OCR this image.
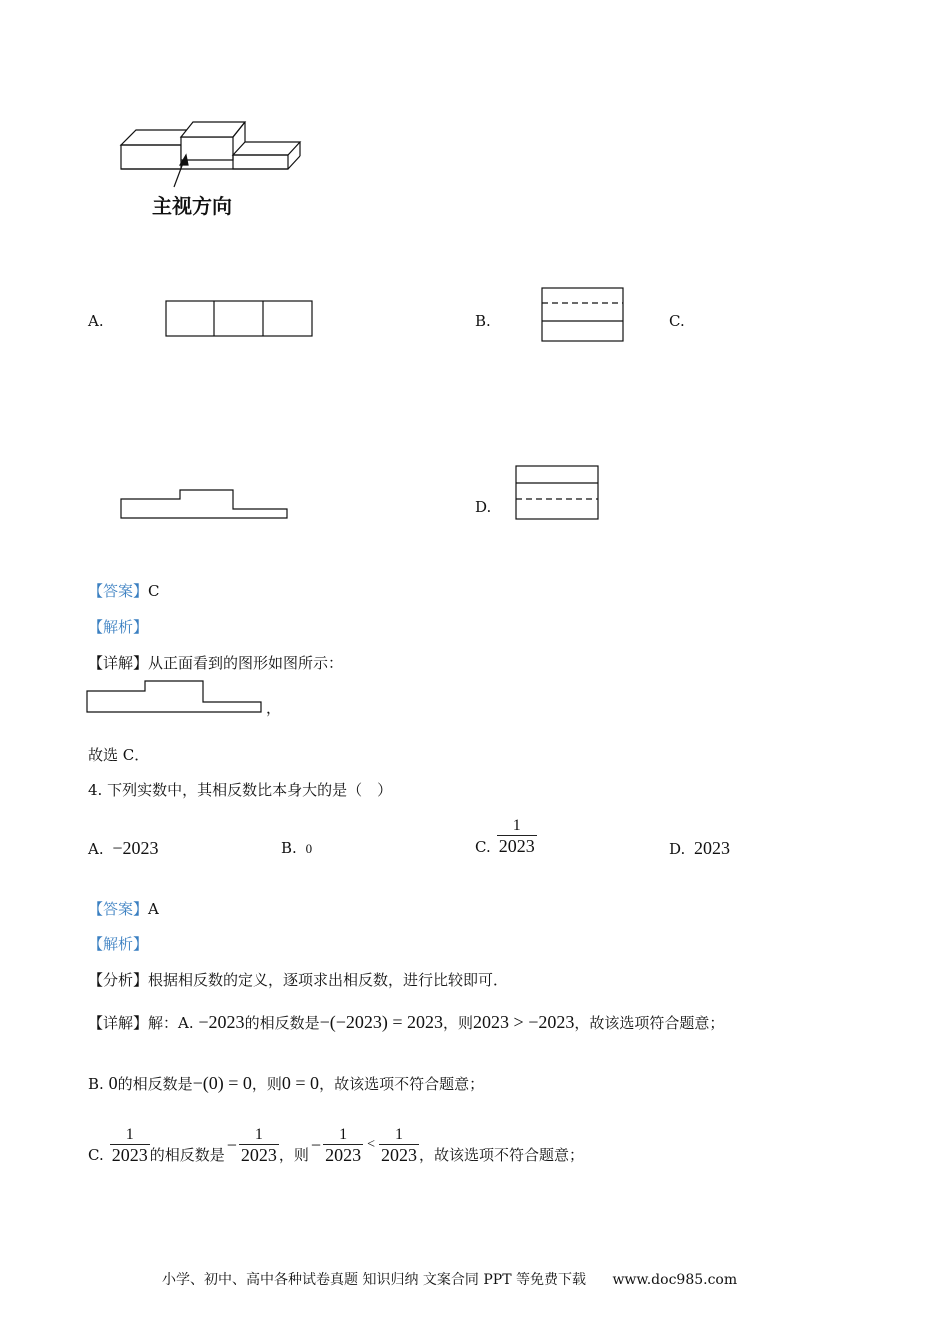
主视方向
A.	B.	C.
D.
【答案】C
【解析】
【详解】从正面看到的图形如图所示：
，
故选 C．
4. 下列实数中，其相反数比本身大的是（　）
A. −2023	B. 0	C. $\frac{1}{2023}$	D. 2023
【答案】A
【解析】
【分析】根据相反数的定义，逐项求出相反数，进行比较即可．
【详解】解：A. −2023的相反数是−(−2023) = 2023，则2023 > −2023，故该选项符合题意；
B. 0的相反数是−(0) = 0，则0 = 0，故该选项不符合题意；
C. $\frac{1}{2023}$ 的相反数是 − $\frac{1}{2023}$ ，则 − $\frac{1}{2023} < \frac{1}{2023}$ ，故该选项不符合题意；
小学、初中、高中各种试卷真题 知识归纳 文案合同 PPT 等免费下载 www.doc985.com
